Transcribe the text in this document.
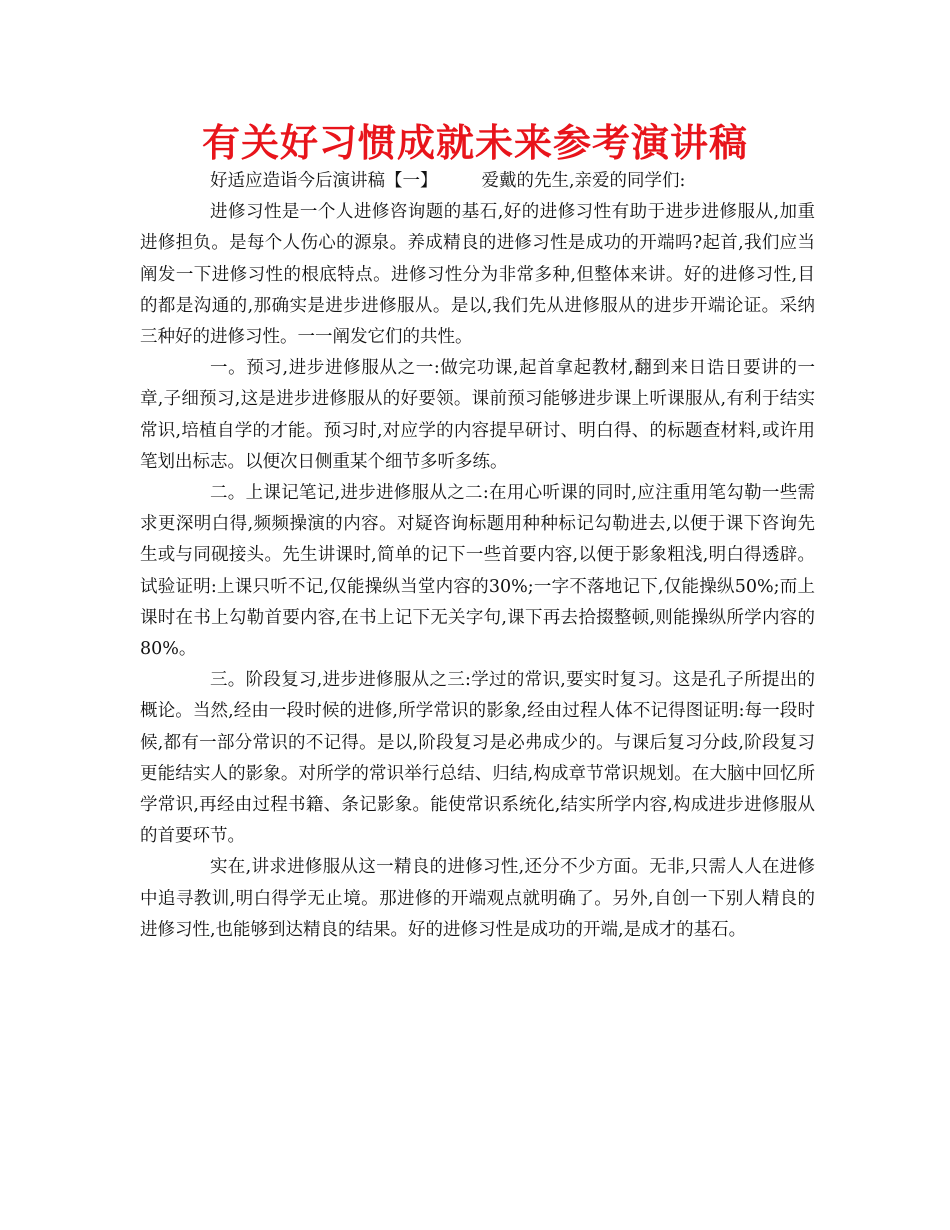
有关好习惯成就未来参考演讲稿
好适应造诣今后演讲稿【一】	爱戴的先生,亲爱的同学们:

进修习性是一个人进修咨询题的基石,好的进修习性有助于进步进修服从,加重进修担负。是每个人伤心的源泉。养成精良的进修习性是成功的开端吗?起首,我们应当阐发一下进修习性的根底特点。进修习性分为非常多种,但整体来讲。好的进修习性,目的都是沟通的,那确实是进步进修服从。是以,我们先从进修服从的进步开端论证。采纳三种好的进修习性。一一阐发它们的共性。

一。预习,进步进修服从之一:做完功课,起首拿起教材,翻到来日诰日要讲的一章,子细预习,这是进步进修服从的好要领。课前预习能够进步课上听课服从,有利于结实常识,培植自学的才能。预习时,对应学的内容提早研讨、明白得、的标题查材料,或许用笔划出标志。以便次日侧重某个细节多听多练。

二。上课记笔记,进步进修服从之二:在用心听课的同时,应注重用笔勾勒一些需求更深明白得,频频操演的内容。对疑咨询标题用种种标记勾勒进去,以便于课下咨询先生或与同砚接头。先生讲课时,简单的记下一些首要内容,以便于影象粗浅,明白得透辟。试验证明:上课只听不记,仅能操纵当堂内容的30%;一字不落地记下,仅能操纵50%;而上课时在书上勾勒首要内容,在书上记下无关字句,课下再去拾掇整顿,则能操纵所学内容的80%。

三。阶段复习,进步进修服从之三:学过的常识,要实时复习。这是孔子所提出的概论。当然,经由一段时候的进修,所学常识的影象,经由过程人体不记得图证明:每一段时候,都有一部分常识的不记得。是以,阶段复习是必弗成少的。与课后复习分歧,阶段复习更能结实人的影象。对所学的常识举行总结、归结,构成章节常识规划。在大脑中回忆所学常识,再经由过程书籍、条记影象。能使常识系统化,结实所学内容,构成进步进修服从的首要环节。

实在,讲求进修服从这一精良的进修习性,还分不少方面。无非,只需人人在进修中追寻教训,明白得学无止境。那进修的开端观点就明确了。另外,自创一下别人精良的进修习性,也能够到达精良的结果。好的进修习性是成功的开端,是成才的基石。
